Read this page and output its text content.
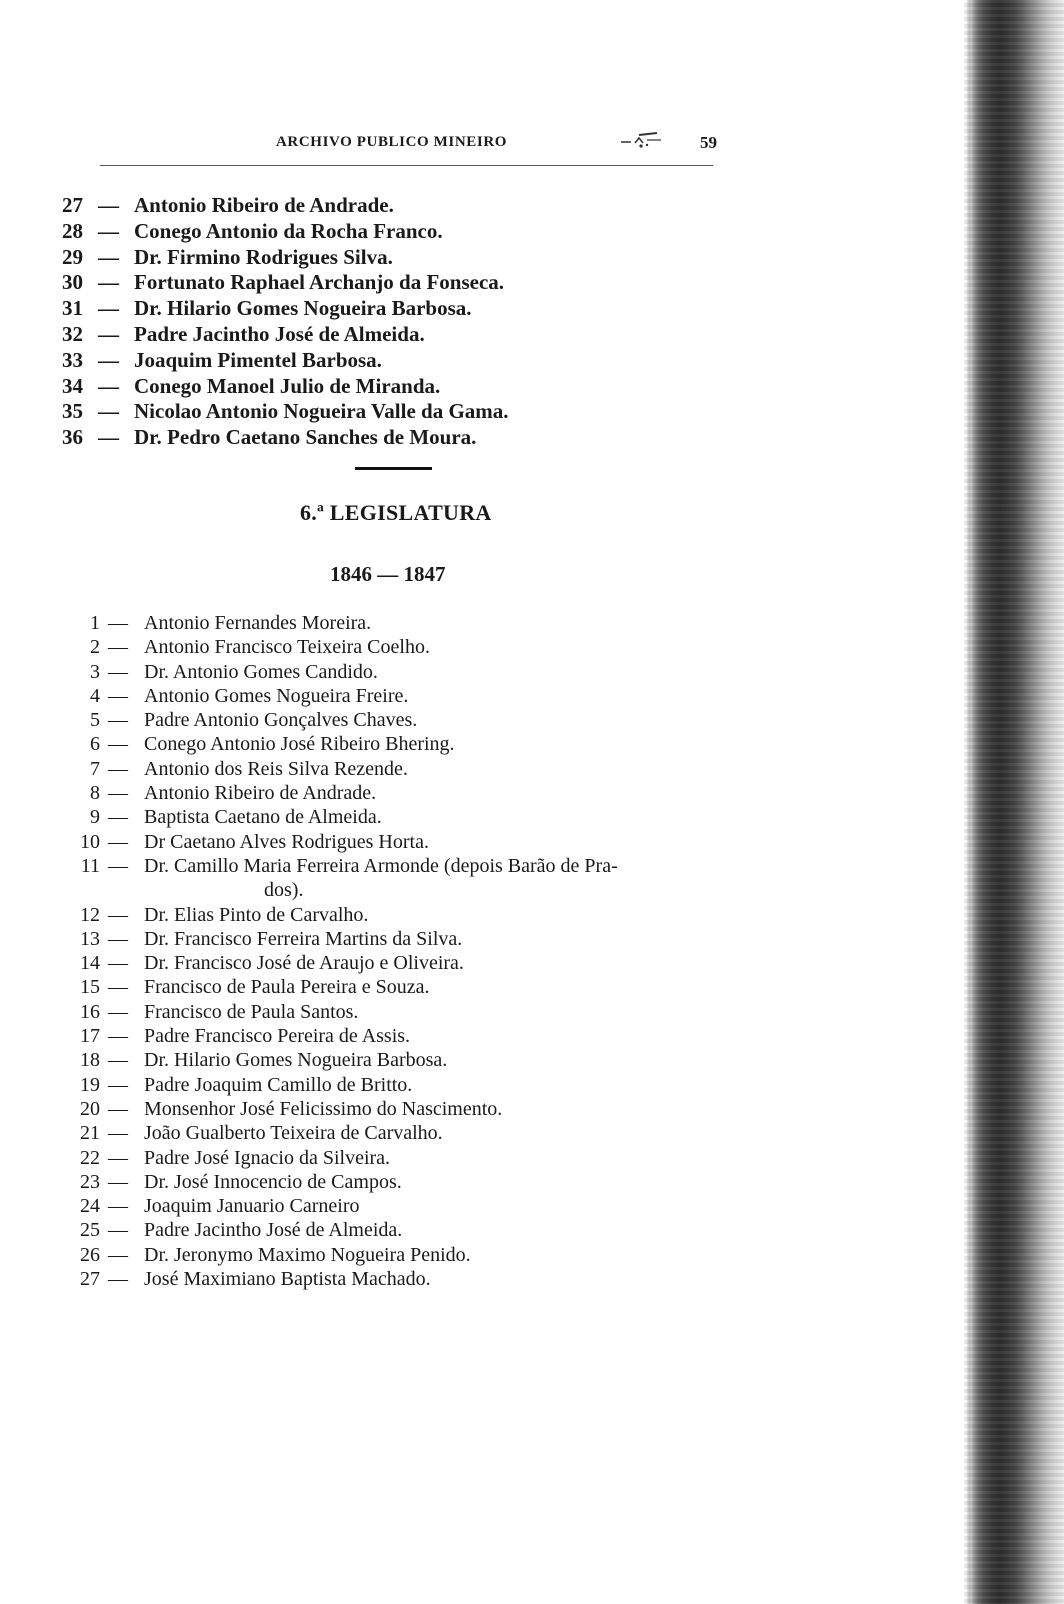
ARCHIVO PUBLICO MINEIRO	59
27 — Antonio Ribeiro de Andrade.
28 — Conego Antonio da Rocha Franco.
29 — Dr. Firmino Rodrigues Silva.
30 — Fortunato Raphael Archanjo da Fonseca.
31 — Dr. Hilario Gomes Nogueira Barbosa.
32 — Padre Jacintho José de Almeida.
33 — Joaquim Pimentel Barbosa.
34 — Conego Manoel Julio de Miranda.
35 — Nicolao Antonio Nogueira Valle da Gama.
36 — Dr. Pedro Caetano Sanches de Moura.
6.ª LEGISLATURA
1846 — 1847
1 — Antonio Fernandes Moreira.
2 — Antonio Francisco Teixeira Coelho.
3 — Dr. Antonio Gomes Candido.
4 — Antonio Gomes Nogueira Freire.
5 — Padre Antonio Gonçalves Chaves.
6 — Conego Antonio José Ribeiro Bhering.
7 — Antonio dos Reis Silva Rezende.
8 — Antonio Ribeiro de Andrade.
9 — Baptista Caetano de Almeida.
10 — Dr Caetano Alves Rodrigues Horta.
11 — Dr. Camillo Maria Ferreira Armonde (depois Barão de Pra-
dos).
12 — Dr. Elias Pinto de Carvalho.
13 — Dr. Francisco Ferreira Martins da Silva.
14 — Dr. Francisco José de Araujo e Oliveira.
15 — Francisco de Paula Pereira e Souza.
16 — Francisco de Paula Santos.
17 — Padre Francisco Pereira de Assis.
18 — Dr. Hilario Gomes Nogueira Barbosa.
19 — Padre Joaquim Camillo de Britto.
20 — Monsenhor José Felicissimo do Nascimento.
21 — João Gualberto Teixeira de Carvalho.
22 — Padre José Ignacio da Silveira.
23 — Dr. José Innocencio de Campos.
24 — Joaquim Januario Carneiro
25 — Padre Jacintho José de Almeida.
26 — Dr. Jeronymo Maximo Nogueira Penido.
27 — José Maximiano Baptista Machado.
